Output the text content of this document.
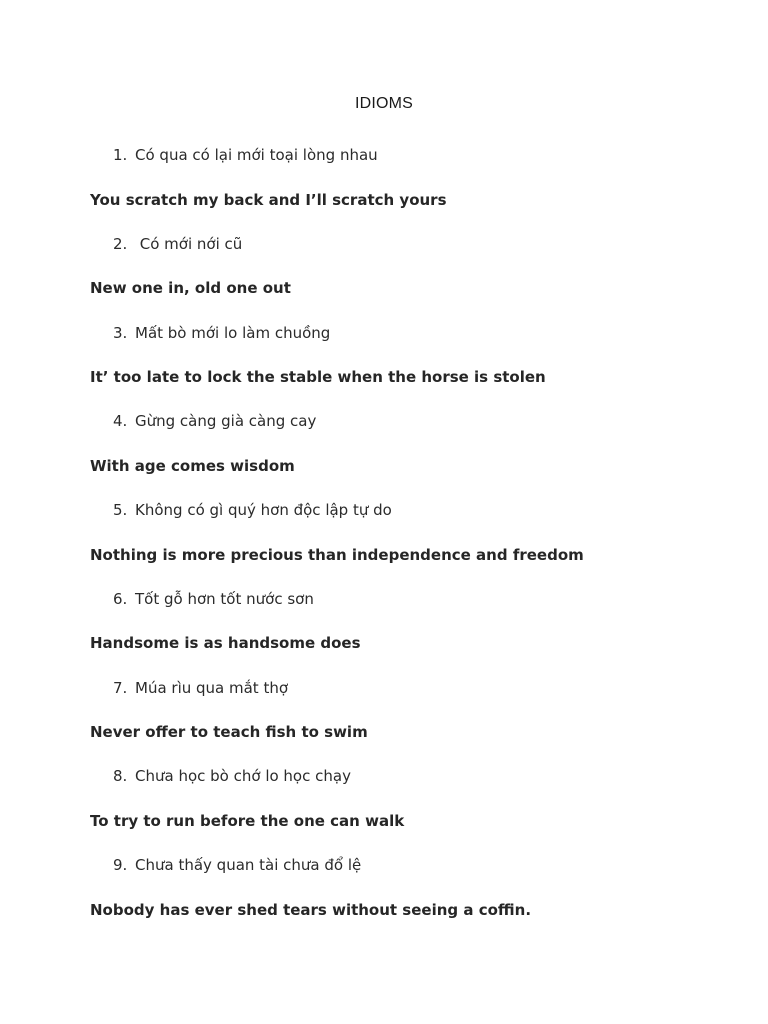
IDIOMS
1. Có qua có lại mới toại lòng nhau
You scratch my back and I’ll scratch yours
2. Có mới nới cũ
New one in, old one out
3. Mất bò mới lo làm chuồng
It’ too late to lock the stable when the horse is stolen
4. Gừng càng già càng cay
With age comes wisdom
5. Không có gì quý hơn độc lập tự do
Nothing is more precious than independence and freedom
6. Tốt gỗ hơn tốt nước sơn
Handsome is as handsome does
7. Múa rìu qua mắt thợ
Never offer to teach fish to swim
8. Chưa học bò chớ lo học chạy
To try to run before the one can walk
9. Chưa thấy quan tài chưa đổ lệ
Nobody has ever shed tears without seeing a coffin.
